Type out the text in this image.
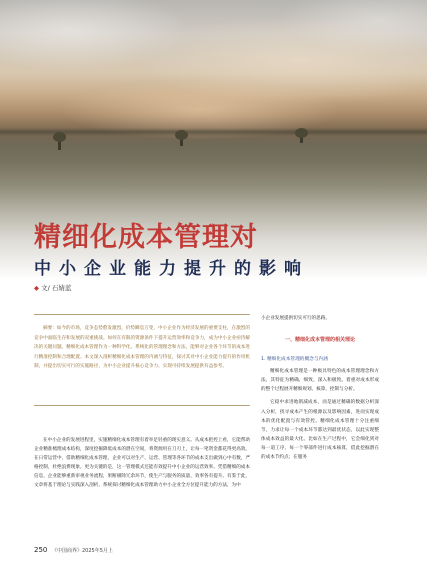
精细化成本管理对
中小企业能力提升的影响
◆ 文/ 石婧蓝

摘要：如今的市场，竞争态势愈发激烈，价势瞬息万变，中小企业作为经济发展的重要支柱，在激烈的竞争中面临生存和发展的双重挑战。如何在有限的资源条件下提升运营效率和竞争力，成为中小企业亟待解决的关键问题。精细化成本管理作为一种科学化、系统化的管理理念和方法，能够对企业各个环节的成本进行精准控制和合理配置。本文深入剖析精细化成本管理的内涵与特征，探讨其对中小企业能力提升的作用机制，并提出切实可行的实施路径，为中小企业提升核心竞争力、实现可持续发展提供有益参考。

在中小企业的发展进程里，实施精细化成本管理有着举足轻重的现实意义。从成本把控上看，它能帮助企业精准梳理成本结构，深度挖掘降低成本的潜在空间，将资源用在刀刃上，让每一笔资金都花得更高效。在日常运营中，借助精细化成本管理，企业可以对生产、运营、管理等各环节的成本支出做到心中有数，严格控制，杜绝浪费现象，更为关键的是，这一管理模式还能有效提升中小企业的运营效率。凭借精细的成本信息，企业能够重新审视业务流程，果断剔除冗余环节，使生产与服务的质量、效率各有提升。有鉴于此，文章将基于理论与实践深入剖析，系统探讨精细化成本管理助力中小企业全方位提升能力的方法，为中

小企业发展提供切实可行的思路。

一、精细化成本管理的相关理论

1. 精细化成本管理的概念与内涵

精细化成本管理是一种极具特色的成本管理理念和方法，其特征为精确、细致、深入和极致。着重对成本形成的整个过程展开精细规划、核算、控制与分析。

它稳中求进地削减成本，而是通过精确的数据分析深入分析，找寻成本产生的根源以及影响因素，进而实现成本的优化配置与有效管控。精细化成本管理十分注重细节，力求让每一个成本环节都达到最优状态，以此实现整体成本效益的最大化。比如在生产过程中，它会细化到对每一道工序、每一个零部件进行成本核算，借此挖掘潜在的成本节约点；在服务

250 《中国商界》2025年5月上
